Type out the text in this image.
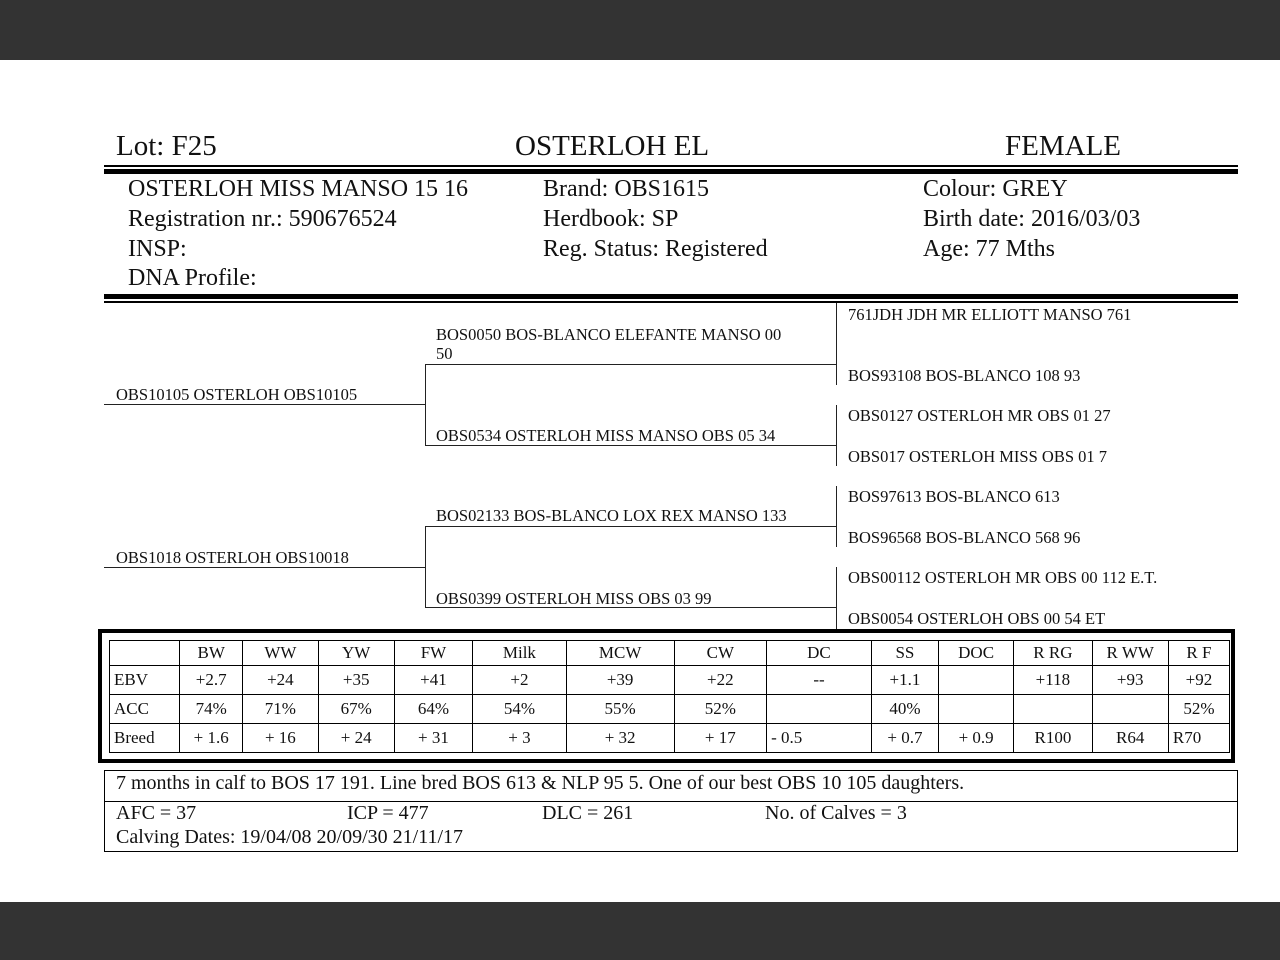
Lot: F25	OSTERLOH EL	FEMALE
OSTERLOH MISS MANSO 15 16
Registration nr.: 590676524
INSP:
DNA Profile:
Brand: OBS1615
Herdbook: SP
Reg. Status: Registered
Colour: GREY
Birth date: 2016/03/03
Age: 77 Mths
OBS10105 OSTERLOH OBS10105
OBS1018 OSTERLOH OBS10018
BOS0050 BOS-BLANCO ELEFANTE MANSO 00
50
OBS0534 OSTERLOH MISS MANSO OBS 05 34
BOS02133 BOS-BLANCO LOX REX MANSO 133
OBS0399 OSTERLOH MISS OBS 03 99
761JDH JDH MR ELLIOTT MANSO 761
BOS93108 BOS-BLANCO 108 93
OBS0127 OSTERLOH MR OBS 01 27
OBS017 OSTERLOH MISS OBS 01 7
BOS97613 BOS-BLANCO 613
BOS96568 BOS-BLANCO 568 96
OBS00112 OSTERLOH MR OBS 00 112 E.T.
OBS0054 OSTERLOH OBS 00 54 ET
	BW	WW	YW	FW	Milk	MCW	CW	DC	SS	DOC	R RG	R WW	R F
EBV	+2.7	+24	+35	+41	+2	+39	+22	--	+1.1		+118	+93	+92
ACC	74%	71%	67%	64%	54%	55%	52%		40%				52%
Breed	+ 1.6	+ 16	+ 24	+ 31	+ 3	+ 32	+ 17	- 0.5	+ 0.7	+ 0.9	R100	R64	R70
7 months in calf to BOS 17 191. Line bred BOS 613 & NLP 95 5. One of our best OBS 10 105 daughters.
AFC = 37	ICP = 477	DLC = 261	No. of Calves = 3
Calving Dates: 19/04/08 20/09/30 21/11/17
